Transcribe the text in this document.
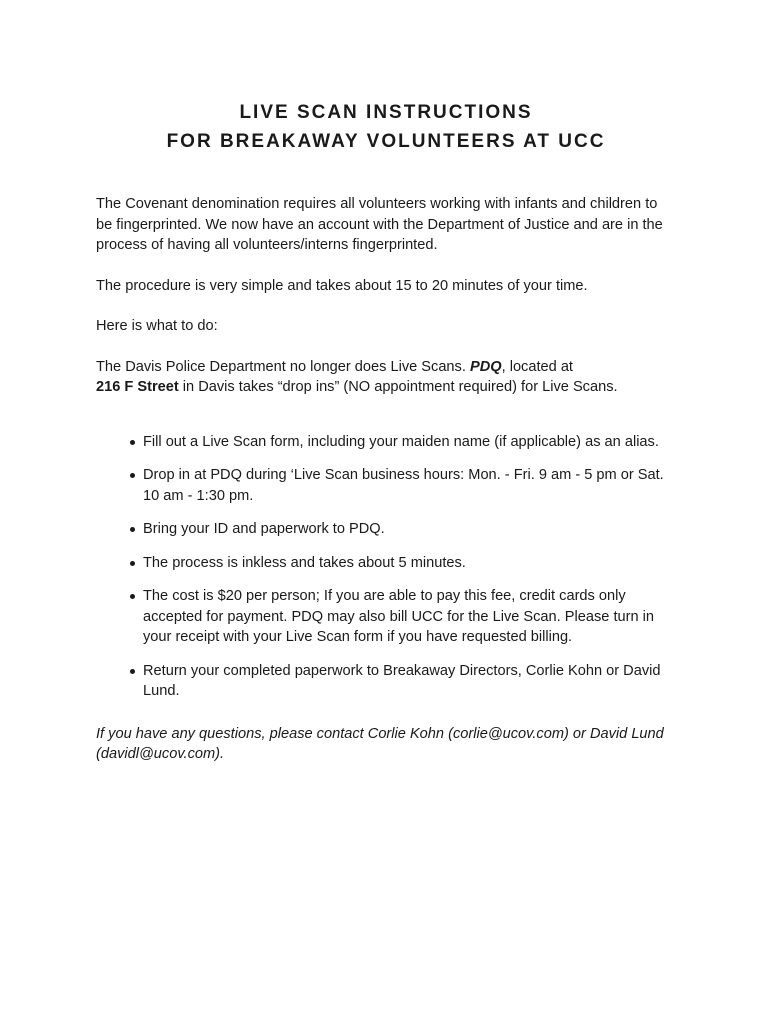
LIVE SCAN INSTRUCTIONS
FOR BREAKAWAY VOLUNTEERS AT UCC

The Covenant denomination requires all volunteers working with infants and children to be fingerprinted. We now have an account with the Department of Justice and are in the process of having all volunteers/interns fingerprinted.

The procedure is very simple and takes about 15 to 20 minutes of your time.

Here is what to do:

The Davis Police Department no longer does Live Scans. PDQ, located at
216 F Street in Davis takes “drop ins” (NO appointment required) for Live Scans.

Fill out a Live Scan form, including your maiden name (if applicable) as an alias.
Drop in at PDQ during ‘Live Scan business hours: Mon. - Fri. 9 am - 5 pm or Sat. 10 am - 1:30 pm.
Bring your ID and paperwork to PDQ.
The process is inkless and takes about 5 minutes.
The cost is $20 per person; If you are able to pay this fee, credit cards only accepted for payment. PDQ may also bill UCC for the Live Scan. Please turn in your receipt with your Live Scan form if you have requested billing.
Return your completed paperwork to Breakaway Directors, Corlie Kohn or David Lund.

If you have any questions, please contact Corlie Kohn (corlie@ucov.com) or David Lund (davidl@ucov.com).
